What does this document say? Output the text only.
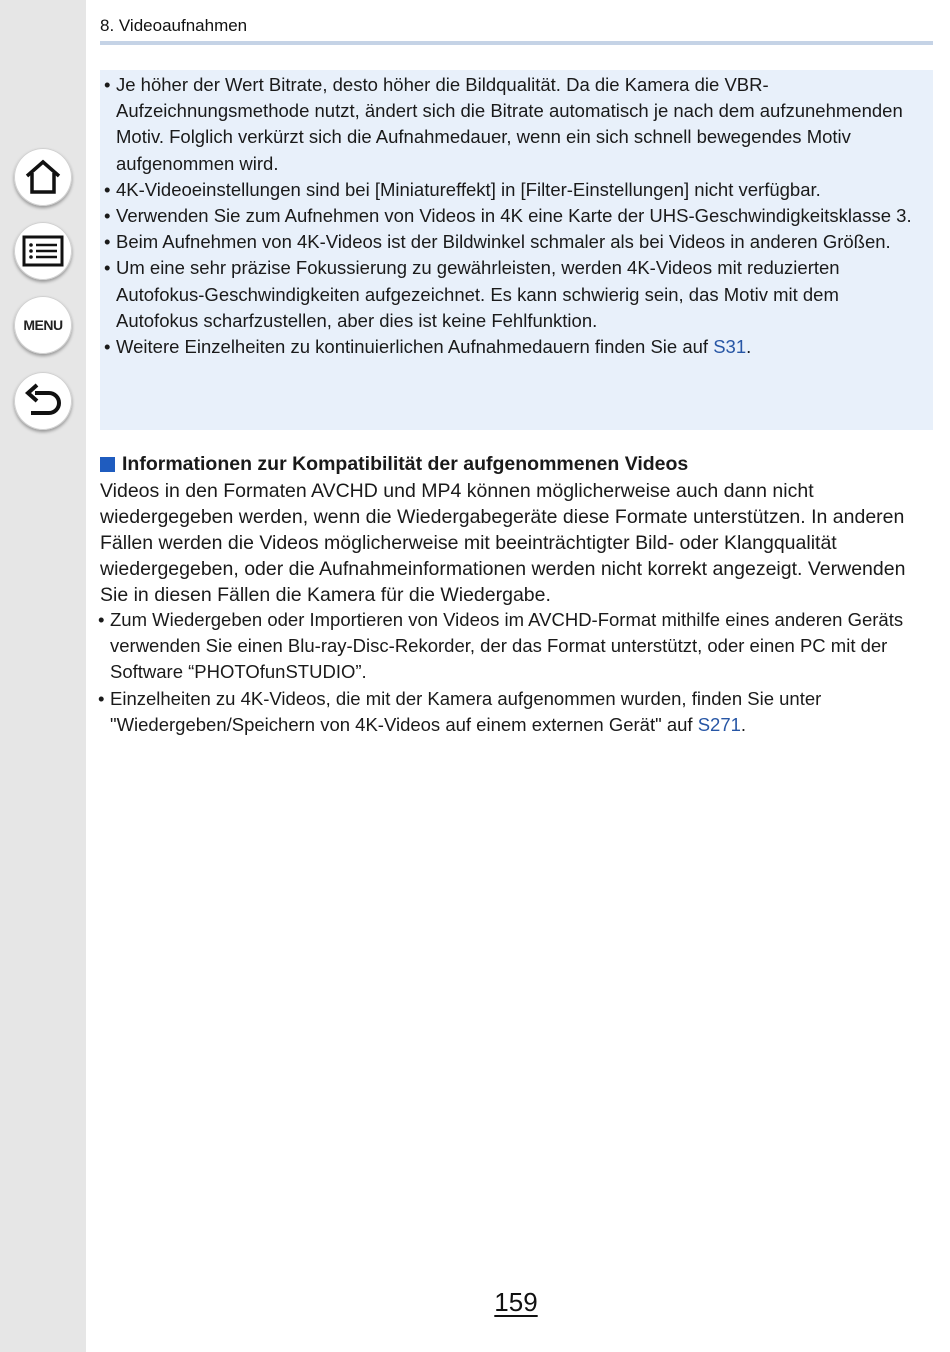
MENU
8. Videoaufnahmen
• Je höher der Wert Bitrate, desto höher die Bildqualität. Da die Kamera die VBR-Aufzeichnungsmethode nutzt, ändert sich die Bitrate automatisch je nach dem aufzunehmenden Motiv. Folglich verkürzt sich die Aufnahmedauer, wenn ein sich schnell bewegendes Motiv aufgenommen wird.
• 4K-Videoeinstellungen sind bei [Miniatureffekt] in [Filter-Einstellungen] nicht verfügbar.
• Verwenden Sie zum Aufnehmen von Videos in 4K eine Karte der UHS-Geschwindigkeitsklasse 3.
• Beim Aufnehmen von 4K-Videos ist der Bildwinkel schmaler als bei Videos in anderen Größen.
• Um eine sehr präzise Fokussierung zu gewährleisten, werden 4K-Videos mit reduzierten Autofokus-Geschwindigkeiten aufgezeichnet. Es kann schwierig sein, das Motiv mit dem Autofokus scharfzustellen, aber dies ist keine Fehlfunktion.
• Weitere Einzelheiten zu kontinuierlichen Aufnahmedauern finden Sie auf S31.
Informationen zur Kompatibilität der aufgenommenen Videos

Videos in den Formaten AVCHD und MP4 können möglicherweise auch dann nicht wiedergegeben werden, wenn die Wiedergabegeräte diese Formate unterstützen. In anderen Fällen werden die Videos möglicherweise mit beeinträchtigter Bild- oder Klangqualität wiedergegeben, oder die Aufnahmeinformationen werden nicht korrekt angezeigt. Verwenden Sie in diesen Fällen die Kamera für die Wiedergabe.

• Zum Wiedergeben oder Importieren von Videos im AVCHD-Format mithilfe eines anderen Geräts verwenden Sie einen Blu-ray-Disc-Rekorder, der das Format unterstützt, oder einen PC mit der Software “PHOTOfunSTUDIO”.
• Einzelheiten zu 4K-Videos, die mit der Kamera aufgenommen wurden, finden Sie unter "Wiedergeben/Speichern von 4K-Videos auf einem externen Gerät" auf S271.
159
